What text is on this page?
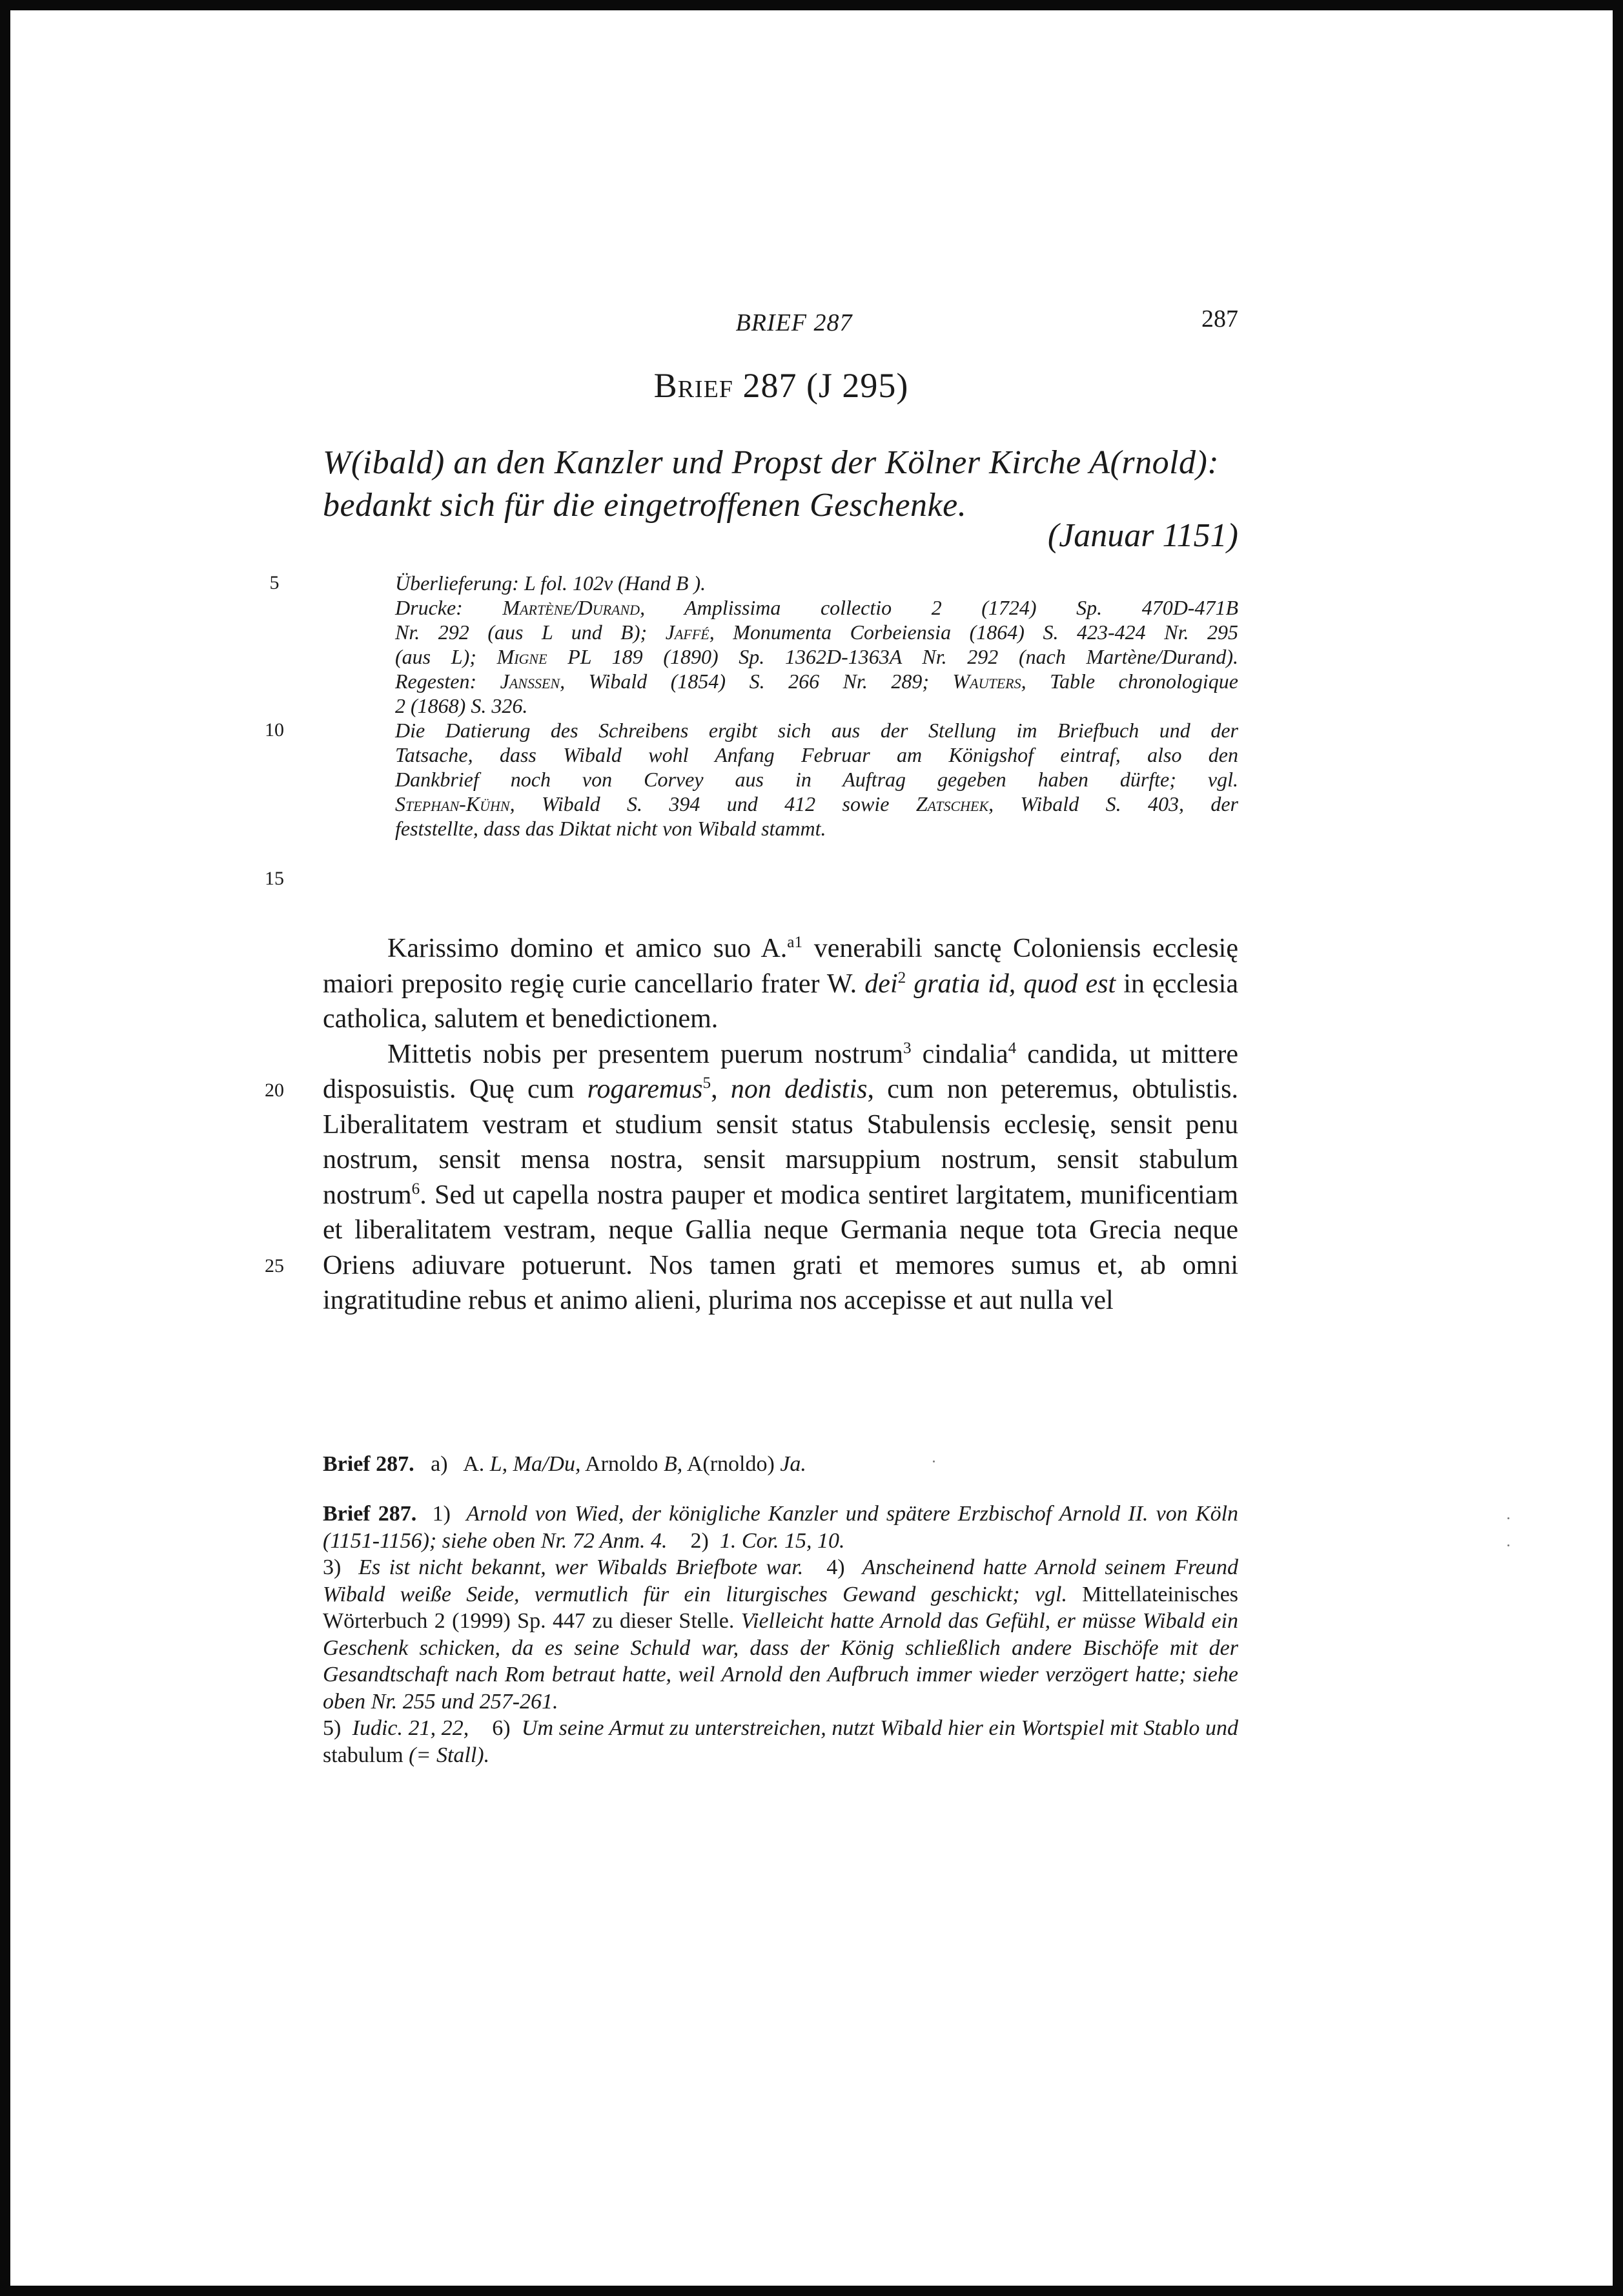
BRIEF 287	287
Brief 287 (J 295)
W(ibald) an den Kanzler und Propst der Kölner Kirche A(rnold): bedankt sich für die eingetroffenen Geschenke.
(Januar 1151)
5
10
15
20
25

Überlieferung: L fol. 102v (Hand B ).

Drucke: Martène/Durand, Amplissima collectio 2 (1724) Sp. 470D-471B

Nr. 292 (aus L und B); Jaffé, Monumenta Corbeiensia (1864) S. 423-424 Nr. 295

(aus L); Migne PL 189 (1890) Sp. 1362D-1363A Nr. 292 (nach Martène/Durand).

Regesten: Janssen, Wibald (1854) S. 266 Nr. 289; Wauters, Table chronologique

2 (1868) S. 326.

Die Datierung des Schreibens ergibt sich aus der Stellung im Briefbuch und der

Tatsache, dass Wibald wohl Anfang Februar am Königshof eintraf, also den

Dankbrief noch von Corvey aus in Auftrag gegeben haben dürfte; vgl.

Stephan-Kühn, Wibald S. 394 und 412 sowie Zatschek, Wibald S. 403, der

feststellte, dass das Diktat nicht von Wibald stammt.

Karissimo domino et amico suo A.$^{a1}$ venerabili sanctę Coloniensis ecclesię maiori preposito regię curie cancellario frater W. dei$^2$ gratia id, quod est in ęcclesia catholica, salutem et benedictionem.

Mittetis nobis per presentem puerum nostrum$^3$ cindalia$^4$ candida, ut mittere disposuistis. Quę cum rogaremus$^5$, non dedistis, cum non peteremus, obtulistis. Liberalitatem vestram et studium sensit status Stabulensis ecclesię, sensit penu nostrum, sensit mensa nostra, sensit marsuppium nostrum, sensit stabulum nostrum$^6$. Sed ut capella nostra pauper et modica sentiret largitatem, munificentiam et liberalitatem vestram, neque Gallia neque Germania neque tota Grecia neque Oriens adiuvare potuerunt. Nos tamen grati et memores sumus et, ab omni ingratitudine rebus et animo alieni, plurima nos accepisse et aut nulla vel

Brief 287. a) A. L, Ma/Du, Arnoldo B, A(rnoldo) Ja.
Brief 287. 1) Arnold von Wied, der königliche Kanzler und spätere Erzbischof Arnold II. von Köln (1151-1156); siehe oben Nr. 72 Anm. 4. 2) 1. Cor. 15, 10.
3) Es ist nicht bekannt, wer Wibalds Briefbote war. 4) Anscheinend hatte Arnold seinem Freund Wibald weiße Seide, vermutlich für ein liturgisches Gewand geschickt; vgl. Mittellateinisches Wörterbuch 2 (1999) Sp. 447 zu dieser Stelle. Vielleicht hatte Arnold das Gefühl, er müsse Wibald ein Geschenk schicken, da es seine Schuld war, dass der König schließlich andere Bischöfe mit der Gesandtschaft nach Rom betraut hatte, weil Arnold den Aufbruch immer wieder verzögert hatte; siehe oben Nr. 255 und 257-261.
5) Iudic. 21, 22, 6) Um seine Armut zu unterstreichen, nutzt Wibald hier ein Wortspiel mit Stablo und stabulum (= Stall).
